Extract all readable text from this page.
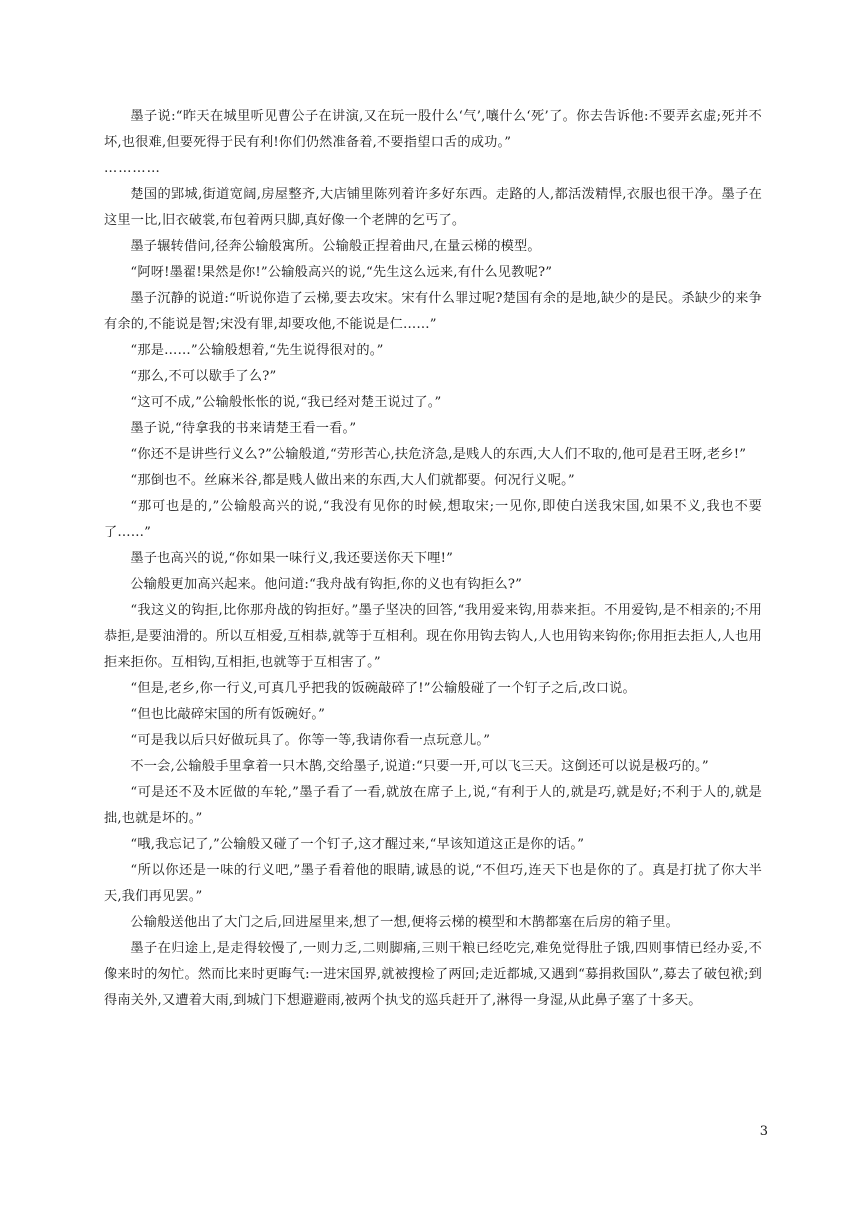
墨子说:“昨天在城里听见曹公子在讲演,又在玩一股什么‘气’,嚷什么‘死’了。你去告诉他:不要弄玄虚;死并不坏,也很难,但要死得于民有利!你们仍然准备着,不要指望口舌的成功。”

…………

楚国的郢城,街道宽阔,房屋整齐,大店铺里陈列着许多好东西。走路的人,都活泼精悍,衣服也很干净。墨子在这里一比,旧衣破裳,布包着两只脚,真好像一个老牌的乞丐了。

墨子辗转借问,径奔公输般寓所。公输般正捏着曲尺,在量云梯的模型。

“阿呀!墨翟!果然是你!”公输般高兴的说,“先生这么远来,有什么见教呢?”

墨子沉静的说道:“听说你造了云梯,要去攻宋。宋有什么罪过呢?楚国有余的是地,缺少的是民。杀缺少的来争有余的,不能说是智;宋没有罪,却要攻他,不能说是仁……”

“那是……”公输般想着,“先生说得很对的。”

“那么,不可以歇手了么?”

“这可不成,”公输般怅怅的说,“我已经对楚王说过了。”

墨子说,“待拿我的书来请楚王看一看。”

“你还不是讲些行义么?”公输般道,“劳形苦心,扶危济急,是贱人的东西,大人们不取的,他可是君王呀,老乡!”

“那倒也不。丝麻米谷,都是贱人做出来的东西,大人们就都要。何况行义呢。”

“那可也是的,”公输般高兴的说,“我没有见你的时候,想取宋;一见你,即使白送我宋国,如果不义,我也不要了……”

墨子也高兴的说,“你如果一味行义,我还要送你天下哩!”

公输般更加高兴起来。他问道:“我舟战有钩拒,你的义也有钩拒么?”

“我这义的钩拒,比你那舟战的钩拒好。”墨子坚决的回答,“我用爱来钩,用恭来拒。不用爱钩,是不相亲的;不用恭拒,是要油滑的。所以互相爱,互相恭,就等于互相利。现在你用钩去钩人,人也用钩来钩你;你用拒去拒人,人也用拒来拒你。互相钩,互相拒,也就等于互相害了。”

“但是,老乡,你一行义,可真几乎把我的饭碗敲碎了!”公输般碰了一个钉子之后,改口说。

“但也比敲碎宋国的所有饭碗好。”

“可是我以后只好做玩具了。你等一等,我请你看一点玩意儿。”

不一会,公输般手里拿着一只木鹊,交给墨子,说道:“只要一开,可以飞三天。这倒还可以说是极巧的。”

“可是还不及木匠做的车轮,”墨子看了一看,就放在席子上,说,“有利于人的,就是巧,就是好;不利于人的,就是拙,也就是坏的。”

“哦,我忘记了,”公输般又碰了一个钉子,这才醒过来,“早该知道这正是你的话。”

“所以你还是一味的行义吧,”墨子看着他的眼睛,诚恳的说,“不但巧,连天下也是你的了。真是打扰了你大半天,我们再见罢。”

公输般送他出了大门之后,回进屋里来,想了一想,便将云梯的模型和木鹊都塞在后房的箱子里。

墨子在归途上,是走得较慢了,一则力乏,二则脚痛,三则干粮已经吃完,难免觉得肚子饿,四则事情已经办妥,不像来时的匆忙。然而比来时更晦气:一进宋国界,就被搜检了两回;走近都城,又遇到“募捐救国队”,募去了破包袱;到得南关外,又遭着大雨,到城门下想避避雨,被两个执戈的巡兵赶开了,淋得一身湿,从此鼻子塞了十多天。

3
